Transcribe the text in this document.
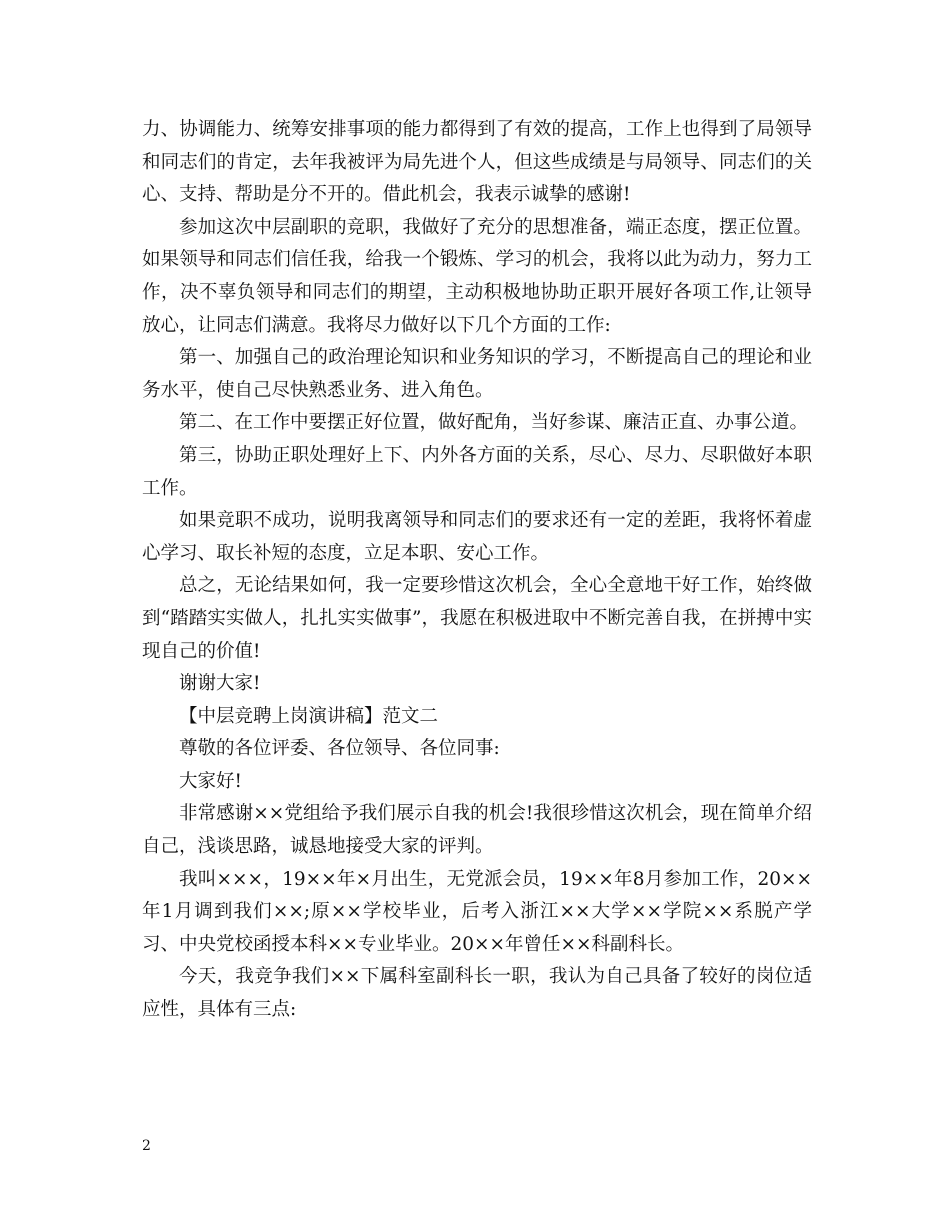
力、协调能力、统筹安排事项的能力都得到了有效的提高，工作上也得到了局领导和同志们的肯定，去年我被评为局先进个人，但这些成绩是与局领导、同志们的关心、支持、帮助是分不开的。借此机会，我表示诚挚的感谢!

参加这次中层副职的竞职，我做好了充分的思想准备，端正态度，摆正位置。如果领导和同志们信任我，给我一个锻炼、学习的机会，我将以此为动力，努力工作，决不辜负领导和同志们的期望，主动积极地协助正职开展好各项工作,让领导放心，让同志们满意。我将尽力做好以下几个方面的工作:

第一、加强自己的政治理论知识和业务知识的学习，不断提高自己的理论和业务水平，使自己尽快熟悉业务、进入角色。

第二、在工作中要摆正好位置，做好配角，当好参谋、廉洁正直、办事公道。

第三，协助正职处理好上下、内外各方面的关系，尽心、尽力、尽职做好本职工作。

如果竞职不成功，说明我离领导和同志们的要求还有一定的差距，我将怀着虚心学习、取长补短的态度，立足本职、安心工作。

总之，无论结果如何，我一定要珍惜这次机会，全心全意地干好工作，始终做到“踏踏实实做人，扎扎实实做事”，我愿在积极进取中不断完善自我，在拼搏中实现自己的价值!

谢谢大家!

【中层竞聘上岗演讲稿】范文二

尊敬的各位评委、各位领导、各位同事:

大家好!

非常感谢××党组给予我们展示自我的机会!我很珍惜这次机会，现在简单介绍自己，浅谈思路，诚恳地接受大家的评判。

我叫×××，19××年×月出生，无党派会员，19××年8月参加工作，20××年1月调到我们××;原××学校毕业，后考入浙江××大学××学院××系脱产学习、中央党校函授本科××专业毕业。20××年曾任××科副科长。

今天，我竞争我们××下属科室副科长一职，我认为自己具备了较好的岗位适应性，具体有三点:

2
